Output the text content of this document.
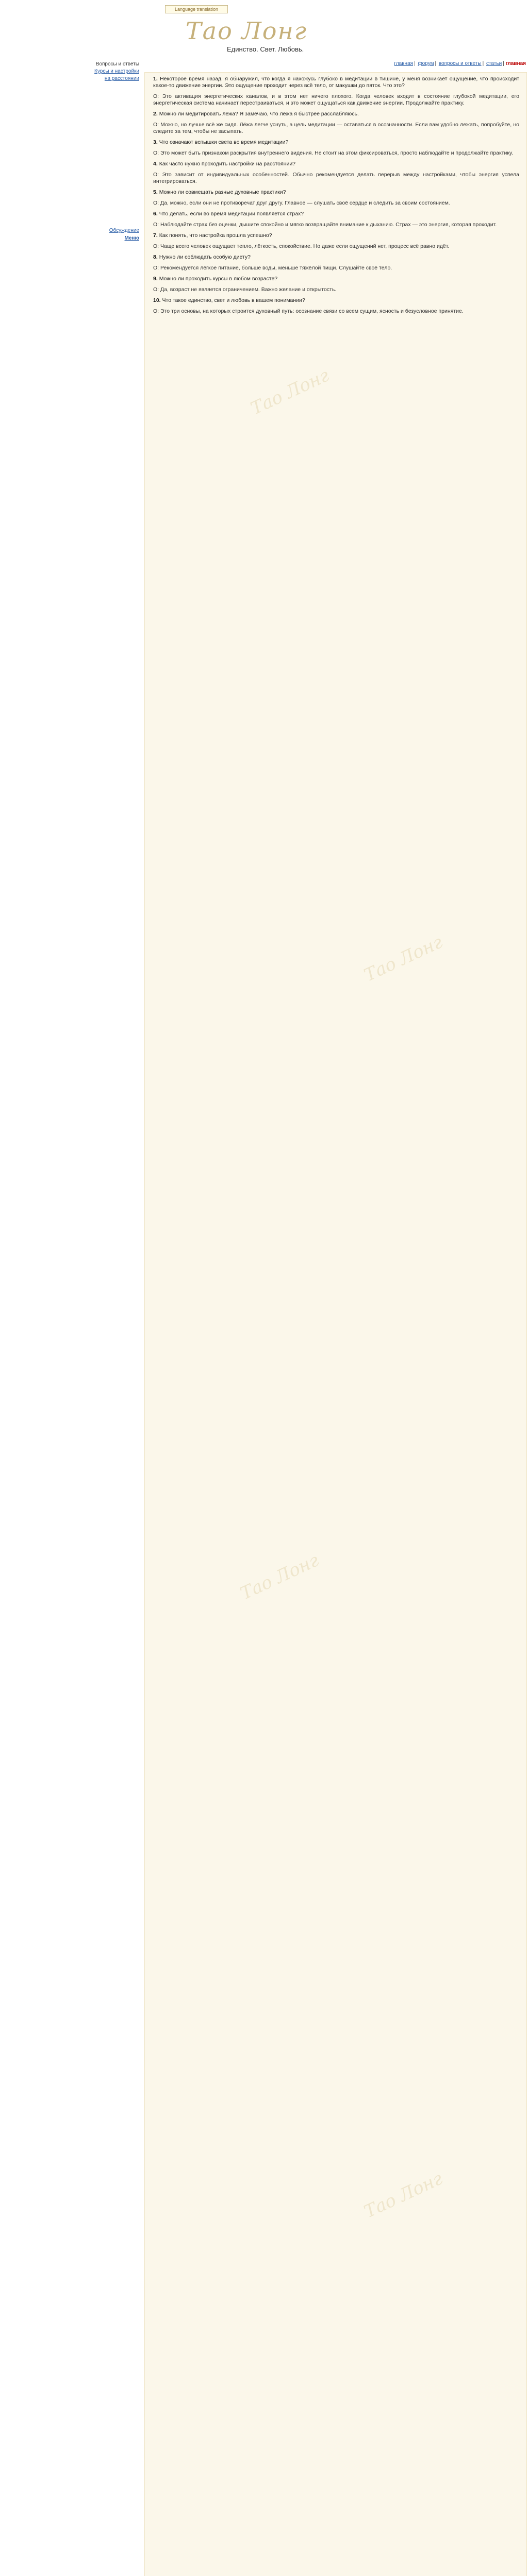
Language translation
Тао Лонг
Единство. Свет. Любовь.
главная | форум | вопросы и ответы | статьи | главная
Вопросы и ответы
Курсы и настройки
на расстоянии
Обсуждение
Меню
Тао Лонг
Тао Лонг
Тао Лонг
Тао Лонг

1. Некоторое время назад, я обнаружил, что когда я нахожусь глубоко в медитации в тишине, у меня возникает ощущение, что происходит какое-то движение энергии. Это ощущение проходит через всё тело, от макушки до пяток. Что это?

О: Это активация энергетических каналов, и в этом нет ничего плохого. Когда человек входит в состояние глубокой медитации, его энергетическая система начинает перестраиваться, и это может ощущаться как движение энергии. Продолжайте практику.

2. Можно ли медитировать лежа? Я замечаю, что лёжа я быстрее расслабляюсь.

О: Можно, но лучше всё же сидя. Лёжа легче уснуть, а цель медитации — оставаться в осознанности. Если вам удобно лежать, попробуйте, но следите за тем, чтобы не засыпать.

3. Что означают вспышки света во время медитации?

О: Это может быть признаком раскрытия внутреннего видения. Не стоит на этом фиксироваться, просто наблюдайте и продолжайте практику.

4. Как часто нужно проходить настройки на расстоянии?

О: Это зависит от индивидуальных особенностей. Обычно рекомендуется делать перерыв между настройками, чтобы энергия успела интегрироваться.

5. Можно ли совмещать разные духовные практики?

О: Да, можно, если они не противоречат друг другу. Главное — слушать своё сердце и следить за своим состоянием.

6. Что делать, если во время медитации появляется страх?

О: Наблюдайте страх без оценки, дышите спокойно и мягко возвращайте внимание к дыханию. Страх — это энергия, которая проходит.

7. Как понять, что настройка прошла успешно?

О: Чаще всего человек ощущает тепло, лёгкость, спокойствие. Но даже если ощущений нет, процесс всё равно идёт.

8. Нужно ли соблюдать особую диету?

О: Рекомендуется лёгкое питание, больше воды, меньше тяжёлой пищи. Слушайте своё тело.

9. Можно ли проходить курсы в любом возрасте?

О: Да, возраст не является ограничением. Важно желание и открытость.

10. Что такое единство, свет и любовь в вашем понимании?

О: Это три основы, на которых строится духовный путь: осознание связи со всем сущим, ясность и безусловное принятие.
